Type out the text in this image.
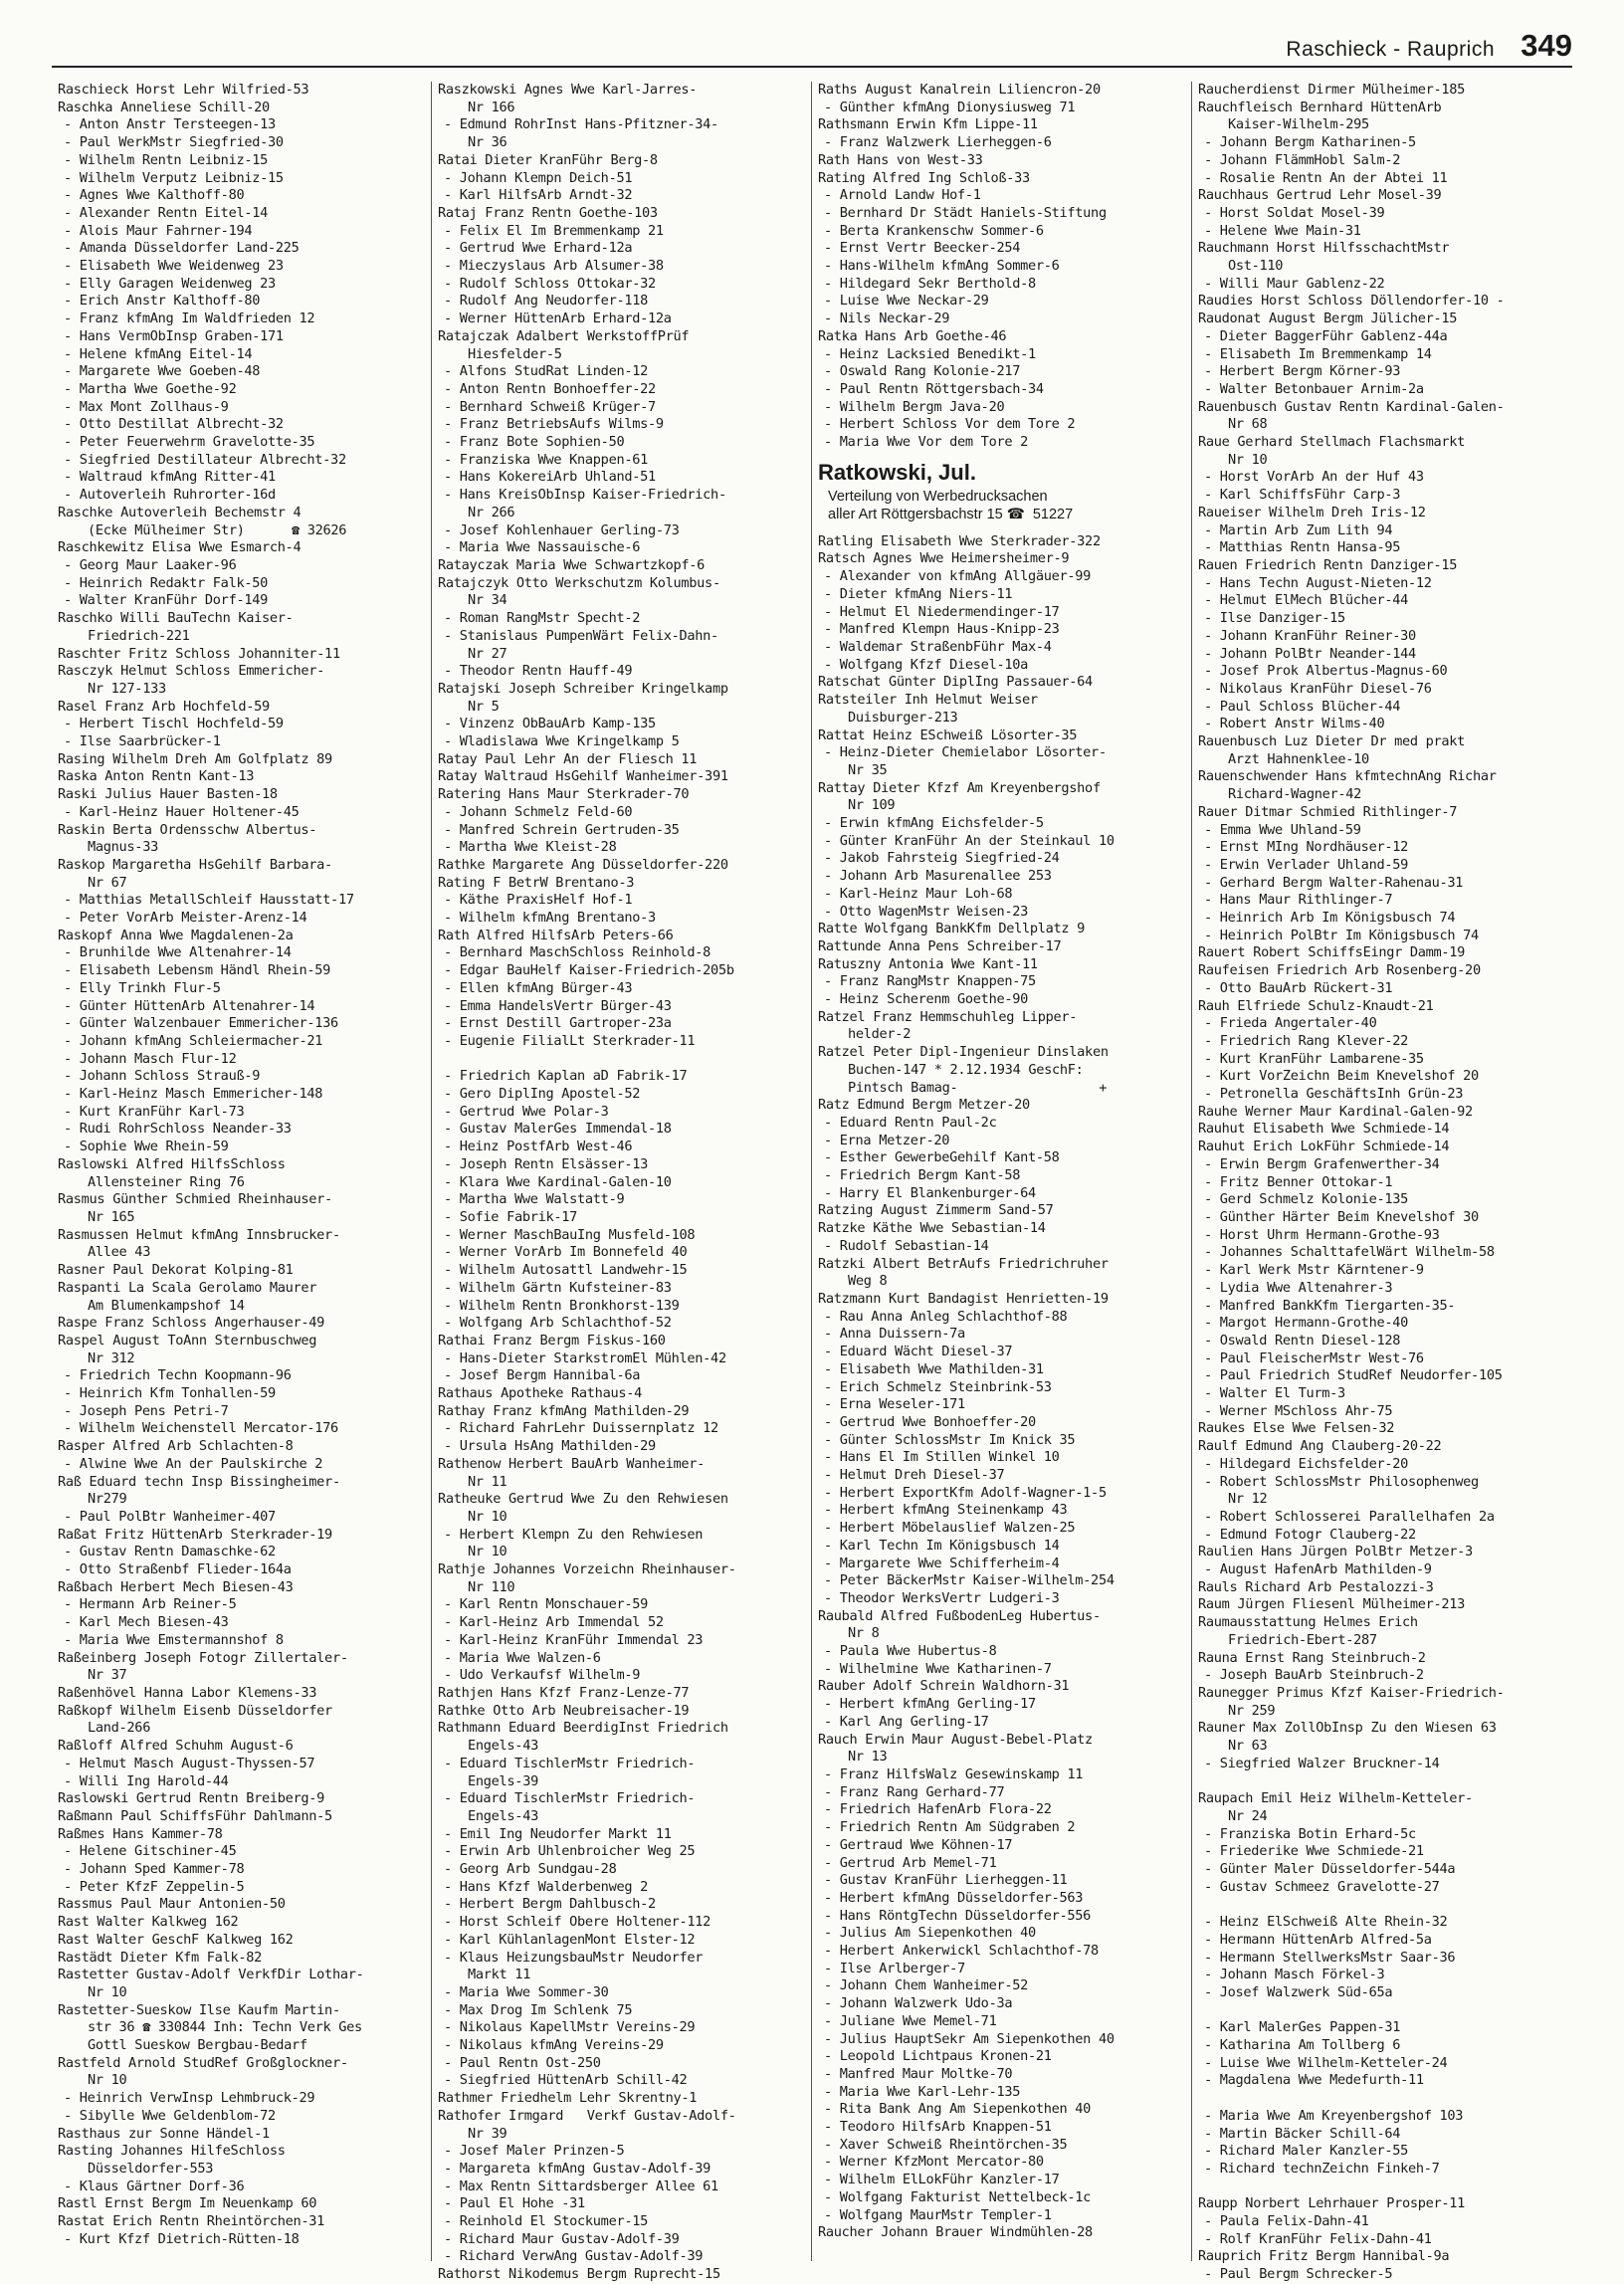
Raschieck - Rauprich 349
Raschieck Horst Lehr Wilfried-53
Raschka Anneliese Schill-20
- Anton Anstr Tersteegen-13
- Paul WerkMstr Siegfried-30
- Wilhelm Rentn Leibniz-15
- Wilhelm Verputz Leibniz-15
- Agnes Wwe Kalthoff-80
- Alexander Rentn Eitel-14
- Alois Maur Fahrner-194
- Amanda Düsseldorfer Land-225
- Elisabeth Wwe Weidenweg 23
- Elly Garagen Weidenweg 23
- Erich Anstr Kalthoff-80
- Franz kfmAng Im Waldfrieden 12
- Hans VermObInsp Graben-171
- Helene kfmAng Eitel-14
- Margarete Wwe Goeben-48
- Martha Wwe Goethe-92
- Max Mont Zollhaus-9
- Otto Destillat Albrecht-32
- Peter Feuerwehrm Gravelotte-35
- Siegfried Destillateur Albrecht-32
- Waltraud kfmAng Ritter-41
- Autoverleih Ruhrorter-16d
Raschke Autoverleih Bechemstr 4
(Ecke Mülheimer Str)      ☎ 32626
Raschkewitz Elisa Wwe Esmarch-4
- Georg Maur Laaker-96
- Heinrich Redaktr Falk-50
- Walter KranFühr Dorf-149
Raschko Willi BauTechn Kaiser-
Friedrich-221
Raschter Fritz Schloss Johanniter-11
Rasczyk Helmut Schloss Emmericher-
Nr 127-133
Rasel Franz Arb Hochfeld-59
- Herbert Tischl Hochfeld-59
- Ilse Saarbrücker-1
Rasing Wilhelm Dreh Am Golfplatz 89
Raska Anton Rentn Kant-13
Raski Julius Hauer Basten-18
- Karl-Heinz Hauer Holtener-45
Raskin Berta Ordensschw Albertus-
Magnus-33
Raskop Margaretha HsGehilf Barbara-
Nr 67
- Matthias MetallSchleif Hausstatt-17
- Peter VorArb Meister-Arenz-14
Raskopf Anna Wwe Magdalenen-2a
- Brunhilde Wwe Altenahrer-14
- Elisabeth Lebensm Händl Rhein-59
- Elly Trinkh Flur-5
- Günter HüttenArb Altenahrer-14
- Günter Walzenbauer Emmericher-136
- Johann kfmAng Schleiermacher-21
- Johann Masch Flur-12
- Johann Schloss Strauß-9
- Karl-Heinz Masch Emmericher-148
- Kurt KranFühr Karl-73
- Rudi RohrSchloss Neander-33
- Sophie Wwe Rhein-59
Raslowski Alfred HilfsSchloss
Allensteiner Ring 76
Rasmus Günther Schmied Rheinhauser-
Nr 165
Rasmussen Helmut kfmAng Innsbrucker-
Allee 43
Rasner Paul Dekorat Kolping-81
Raspanti La Scala Gerolamo Maurer
Am Blumenkampshof 14
Raspe Franz Schloss Angerhauser-49
Raspel August ToAnn Sternbuschweg
Nr 312
- Friedrich Techn Koopmann-96
- Heinrich Kfm Tonhallen-59
- Joseph Pens Petri-7
- Wilhelm Weichenstell Mercator-176
Rasper Alfred Arb Schlachten-8
- Alwine Wwe An der Paulskirche 2
Raß Eduard techn Insp Bissingheimer-
Nr279
- Paul PolBtr Wanheimer-407
Raßat Fritz HüttenArb Sterkrader-19
- Gustav Rentn Damaschke-62
- Otto Straßenbf Flieder-164a
Raßbach Herbert Mech Biesen-43
- Hermann Arb Reiner-5
- Karl Mech Biesen-43
- Maria Wwe Emstermannshof 8
Raßeinberg Joseph Fotogr Zillertaler-
Nr 37
Raßenhövel Hanna Labor Klemens-33
Raßkopf Wilhelm Eisenb Düsseldorfer
Land-266
Raßloff Alfred Schuhm August-6
- Helmut Masch August-Thyssen-57
- Willi Ing Harold-44
Raslowski Gertrud Rentn Breiberg-9
Raßmann Paul SchiffsFühr Dahlmann-5
Raßmes Hans Kammer-78
- Helene Gitschiner-45
- Johann Sped Kammer-78
- Peter KfzF Zeppelin-5
Rassmus Paul Maur Antonien-50
Rast Walter Kalkweg 162
Rast Walter GeschF Kalkweg 162
Rastädt Dieter Kfm Falk-82
Rastetter Gustav-Adolf VerkfDir Lothar-
Nr 10
Rastetter-Sueskow Ilse Kaufm Martin-
str 36 ☎ 330844 Inh: Techn Verk Ges
Gottl Sueskow Bergbau-Bedarf
Rastfeld Arnold StudRef Großglockner-
Nr 10
- Heinrich VerwInsp Lehmbruck-29
- Sibylle Wwe Geldenblom-72
Rasthaus zur Sonne Händel-1
Rasting Johannes HilfeSchloss
Düsseldorfer-553
- Klaus Gärtner Dorf-36
Rastl Ernst Bergm Im Neuenkamp 60
Rastat Erich Rentn Rheintörchen-31
- Kurt Kfzf Dietrich-Rütten-18
Raszkowski Agnes Wwe Karl-Jarres-
Nr 166
- Edmund RohrInst Hans-Pfitzner-34-
Nr 36
Ratai Dieter KranFühr Berg-8
- Johann Klempn Deich-51
- Karl HilfsArb Arndt-32
Rataj Franz Rentn Goethe-103
- Felix El Im Bremmenkamp 21
- Gertrud Wwe Erhard-12a
- Mieczyslaus Arb Alsumer-38
- Rudolf Schloss Ottokar-32
- Rudolf Ang Neudorfer-118
- Werner HüttenArb Erhard-12a
Ratajczak Adalbert WerkstoffPrüf
Hiesfelder-5
- Alfons StudRat Linden-12
- Anton Rentn Bonhoeffer-22
- Bernhard Schweiß Krüger-7
- Franz BetriebsAufs Wilms-9
- Franz Bote Sophien-50
- Franziska Wwe Knappen-61
- Hans KokereiArb Uhland-51
- Hans KreisObInsp Kaiser-Friedrich-
Nr 266
- Josef Kohlenhauer Gerling-73
- Maria Wwe Nassauische-6
Ratayczak Maria Wwe Schwartzkopf-6
Ratajczyk Otto Werkschutzm Kolumbus-
Nr 34
- Roman RangMstr Specht-2
- Stanislaus PumpenWärt Felix-Dahn-
Nr 27
- Theodor Rentn Hauff-49
Ratajski Joseph Schreiber Kringelkamp
Nr 5
- Vinzenz ObBauArb Kamp-135
- Wladislawa Wwe Kringelkamp 5
Ratay Paul Lehr An der Fliesch 11
Ratay Waltraud HsGehilf Wanheimer-391
Ratering Hans Maur Sterkrader-70
- Johann Schmelz Feld-60
- Manfred Schrein Gertruden-35
- Martha Wwe Kleist-28
Rathke Margarete Ang Düsseldorfer-220
Rating F BetrW Brentano-3
- Käthe PraxisHelf Hof-1
- Wilhelm kfmAng Brentano-3
Rath Alfred HilfsArb Peters-66
- Bernhard MaschSchloss Reinhold-8
- Edgar BauHelf Kaiser-Friedrich-205b
- Ellen kfmAng Bürger-43
- Emma HandelsVertr Bürger-43
- Ernst Destill Gartroper-23a
- Eugenie FilialLt Sterkrader-11

- Friedrich Kaplan aD Fabrik-17
- Gero DiplIng Apostel-52
- Gertrud Wwe Polar-3
- Gustav MalerGes Immendal-18
- Heinz PostfArb West-46
- Joseph Rentn Elsässer-13
- Klara Wwe Kardinal-Galen-10
- Martha Wwe Walstatt-9
- Sofie Fabrik-17
- Werner MaschBauIng Musfeld-108
- Werner VorArb Im Bonnefeld 40
- Wilhelm Autosattl Landwehr-15
- Wilhelm Gärtn Kufsteiner-83
- Wilhelm Rentn Bronkhorst-139
- Wolfgang Arb Schlachthof-52
Rathai Franz Bergm Fiskus-160
- Hans-Dieter StarkstromEl Mühlen-42
- Josef Bergm Hannibal-6a
Rathaus Apotheke Rathaus-4
Rathay Franz kfmAng Mathilden-29
- Richard FahrLehr Duissernplatz 12
- Ursula HsAng Mathilden-29
Rathenow Herbert BauArb Wanheimer-
Nr 11
Ratheuke Gertrud Wwe Zu den Rehwiesen
Nr 10
- Herbert Klempn Zu den Rehwiesen
Nr 10
Rathje Johannes Vorzeichn Rheinhauser-
Nr 110
- Karl Rentn Monschauer-59
- Karl-Heinz Arb Immendal 52
- Karl-Heinz KranFühr Immendal 23
- Maria Wwe Walzen-6
- Udo Verkaufsf Wilhelm-9
Rathjen Hans Kfzf Franz-Lenze-77
Rathke Otto Arb Neubreisacher-19
Rathmann Eduard BeerdigInst Friedrich
Engels-43
- Eduard TischlerMstr Friedrich-
Engels-39
- Eduard TischlerMstr Friedrich-
Engels-43
- Emil Ing Neudorfer Markt 11
- Erwin Arb Uhlenbroicher Weg 25
- Georg Arb Sundgau-28
- Hans Kfzf Walderbenweg 2
- Herbert Bergm Dahlbusch-2
- Horst Schleif Obere Holtener-112
- Karl KühlanlagenMont Elster-12
- Klaus HeizungsbauMstr Neudorfer
Markt 11
- Maria Wwe Sommer-30
- Max Drog Im Schlenk 75
- Nikolaus KapellMstr Vereins-29
- Nikolaus kfmAng Vereins-29
- Paul Rentn Ost-250
- Siegfried HüttenArb Schill-42
Rathmer Friedhelm Lehr Skrentny-1
Rathofer Irmgard   Verkf Gustav-Adolf-
Nr 39
- Josef Maler Prinzen-5
- Margareta kfmAng Gustav-Adolf-39
- Max Rentn Sittardsberger Allee 61
- Paul El Hohe -31
- Reinhold El Stockumer-15
- Richard Maur Gustav-Adolf-39
- Richard VerwAng Gustav-Adolf-39
Rathorst Nikodemus Bergm Ruprecht-15
Raths August Kanalrein Liliencron-20
- Günther kfmAng Dionysiusweg 71
Rathsmann Erwin Kfm Lippe-11
- Franz Walzwerk Lierheggen-6
Rath Hans von West-33
Rating Alfred Ing Schloß-33
- Arnold Landw Hof-1
- Bernhard Dr Städt Haniels-Stiftung
- Berta Krankenschw Sommer-6
- Ernst Vertr Beecker-254
- Hans-Wilhelm kfmAng Sommer-6
- Hildegard Sekr Berthold-8
- Luise Wwe Neckar-29
- Nils Neckar-29
Ratka Hans Arb Goethe-46
- Heinz Lacksied Benedikt-1
- Oswald Rang Kolonie-217
- Paul Rentn Röttgersbach-34
- Wilhelm Bergm Java-20
- Herbert Schloss Vor dem Tore 2
- Maria Wwe Vor dem Tore 2
Ratkowski, Jul.
Verteilung von Werbedrucksachen
aller Art Röttgersbachstr 15 ☎  51227
Ratling Elisabeth Wwe Sterkrader-322
Ratsch Agnes Wwe Heimersheimer-9
- Alexander von kfmAng Allgäuer-99
- Dieter kfmAng Niers-11
- Helmut El Niedermendinger-17
- Manfred Klempn Haus-Knipp-23
- Waldemar StraßenbFühr Max-4
- Wolfgang Kfzf Diesel-10a
Ratschat Günter DiplIng Passauer-64
Ratsteiler Inh Helmut Weiser
Duisburger-213
Rattat Heinz ESchweiß Lösorter-35
- Heinz-Dieter Chemielabor Lösorter-
Nr 35
Rattay Dieter Kfzf Am Kreyenbergshof
Nr 109
- Erwin kfmAng Eichsfelder-5
- Günter KranFühr An der Steinkaul 10
- Jakob Fahrsteig Siegfried-24
- Johann Arb Masurenallee 253
- Karl-Heinz Maur Loh-68
- Otto WagenMstr Weisen-23
Ratte Wolfgang BankKfm Dellplatz 9
Rattunde Anna Pens Schreiber-17
Ratuszny Antonia Wwe Kant-11
- Franz RangMstr Knappen-75
- Heinz Scherenm Goethe-90
Ratzel Franz Hemmschuhleg Lipper-
helder-2
Ratzel Peter Dipl-Ingenieur Dinslaken
Buchen-147 * 2.12.1934 GeschF:
Pintsch Bamag-                  +
Ratz Edmund Bergm Metzer-20
- Eduard Rentn Paul-2c
- Erna Metzer-20
- Esther GewerbeGehilf Kant-58
- Friedrich Bergm Kant-58
- Harry El Blankenburger-64
Ratzing August Zimmerm Sand-57
Ratzke Käthe Wwe Sebastian-14
- Rudolf Sebastian-14
Ratzki Albert BetrAufs Friedrichruher
Weg 8
Ratzmann Kurt Bandagist Henrietten-19
- Rau Anna Anleg Schlachthof-88
- Anna Duissern-7a
- Eduard Wächt Diesel-37
- Elisabeth Wwe Mathilden-31
- Erich Schmelz Steinbrink-53
- Erna Weseler-171
- Gertrud Wwe Bonhoeffer-20
- Günter SchlossMstr Im Knick 35
- Hans El Im Stillen Winkel 10
- Helmut Dreh Diesel-37
- Herbert ExportKfm Adolf-Wagner-1-5
- Herbert kfmAng Steinenkamp 43
- Herbert Möbelauslief Walzen-25
- Karl Techn Im Königsbusch 14
- Margarete Wwe Schifferheim-4
- Peter BäckerMstr Kaiser-Wilhelm-254
- Theodor WerksVertr Ludgeri-3
Raubald Alfred FußbodenLeg Hubertus-
Nr 8
- Paula Wwe Hubertus-8
- Wilhelmine Wwe Katharinen-7
Rauber Adolf Schrein Waldhorn-31
- Herbert kfmAng Gerling-17
- Karl Ang Gerling-17
Rauch Erwin Maur August-Bebel-Platz
Nr 13
- Franz HilfsWalz Gesewinskamp 11
- Franz Rang Gerhard-77
- Friedrich HafenArb Flora-22
- Friedrich Rentn Am Südgraben 2
- Gertraud Wwe Köhnen-17
- Gertrud Arb Memel-71
- Gustav KranFühr Lierheggen-11
- Herbert kfmAng Düsseldorfer-563
- Hans RöntgTechn Düsseldorfer-556
- Julius Am Siepenkothen 40
- Herbert Ankerwickl Schlachthof-78
- Ilse Arlberger-7
- Johann Chem Wanheimer-52
- Johann Walzwerk Udo-3a
- Juliane Wwe Memel-71
- Julius HauptSekr Am Siepenkothen 40
- Leopold Lichtpaus Kronen-21
- Manfred Maur Moltke-70
- Maria Wwe Karl-Lehr-135
- Rita Bank Ang Am Siepenkothen 40
- Teodoro HilfsArb Knappen-51
- Xaver Schweiß Rheintörchen-35
- Werner KfzMont Mercator-80
- Wilhelm ElLokFühr Kanzler-17
- Wolfgang Fakturist Nettelbeck-1c
- Wolfgang MaurMstr Templer-1
Raucher Johann Brauer Windmühlen-28
Raucherdienst Dirmer Mülheimer-185
Rauchfleisch Bernhard HüttenArb
Kaiser-Wilhelm-295
- Johann Bergm Katharinen-5
- Johann FlämmHobl Salm-2
- Rosalie Rentn An der Abtei 11
Rauchhaus Gertrud Lehr Mosel-39
- Horst Soldat Mosel-39
- Helene Wwe Main-31
Rauchmann Horst HilfsschachtMstr
Ost-110
- Willi Maur Gablenz-22
Raudies Horst Schloss Döllendorfer-10 -
Raudonat August Bergm Jülicher-15
- Dieter BaggerFühr Gablenz-44a
- Elisabeth Im Bremmenkamp 14
- Herbert Bergm Körner-93
- Walter Betonbauer Arnim-2a
Rauenbusch Gustav Rentn Kardinal-Galen-
Nr 68
Raue Gerhard Stellmach Flachsmarkt
Nr 10
- Horst VorArb An der Huf 43
- Karl SchiffsFühr Carp-3
Raueiser Wilhelm Dreh Iris-12
- Martin Arb Zum Lith 94
- Matthias Rentn Hansa-95
Rauen Friedrich Rentn Danziger-15
- Hans Techn August-Nieten-12
- Helmut ElMech Blücher-44
- Ilse Danziger-15
- Johann KranFühr Reiner-30
- Johann PolBtr Neander-144
- Josef Prok Albertus-Magnus-60
- Nikolaus KranFühr Diesel-76
- Paul Schloss Blücher-44
- Robert Anstr Wilms-40
Rauenbusch Luz Dieter Dr med prakt
Arzt Hahnenklee-10
Rauenschwender Hans kfmtechnAng Richar
Richard-Wagner-42
Rauer Ditmar Schmied Rithlinger-7
- Emma Wwe Uhland-59
- Ernst MIng Nordhäuser-12
- Erwin Verlader Uhland-59
- Gerhard Bergm Walter-Rahenau-31
- Hans Maur Rithlinger-7
- Heinrich Arb Im Königsbusch 74
- Heinrich PolBtr Im Königsbusch 74
Rauert Robert SchiffsEingr Damm-19
Raufeisen Friedrich Arb Rosenberg-20
- Otto BauArb Rückert-31
Rauh Elfriede Schulz-Knaudt-21
- Frieda Angertaler-40
- Friedrich Rang Klever-22
- Kurt KranFühr Lambarene-35
- Kurt VorZeichn Beim Knevelshof 20
- Petronella GeschäftsInh Grün-23
Rauhe Werner Maur Kardinal-Galen-92
Rauhut Elisabeth Wwe Schmiede-14
Rauhut Erich LokFühr Schmiede-14
- Erwin Bergm Grafenwerther-34
- Fritz Benner Ottokar-1
- Gerd Schmelz Kolonie-135
- Günther Härter Beim Knevelshof 30
- Horst Uhrm Hermann-Grothe-93
- Johannes SchalttafelWärt Wilhelm-58
- Karl Werk Mstr Kärntener-9
- Lydia Wwe Altenahrer-3
- Manfred BankKfm Tiergarten-35-
- Margot Hermann-Grothe-40
- Oswald Rentn Diesel-128
- Paul FleischerMstr West-76
- Paul Friedrich StudRef Neudorfer-105
- Walter El Turm-3
- Werner MSchloss Ahr-75
Raukes Else Wwe Felsen-32
Raulf Edmund Ang Clauberg-20-22
- Hildegard Eichsfelder-20
- Robert SchlossMstr Philosophenweg
Nr 12
- Robert Schlosserei Parallelhafen 2a
- Edmund Fotogr Clauberg-22
Raulien Hans Jürgen PolBtr Metzer-3
- August HafenArb Mathilden-9
Rauls Richard Arb Pestalozzi-3
Raum Jürgen Fliesenl Mülheimer-213
Raumausstattung Helmes Erich
Friedrich-Ebert-287
Rauna Ernst Rang Steinbruch-2
- Joseph BauArb Steinbruch-2
Raunegger Primus Kfzf Kaiser-Friedrich-
Nr 259
Rauner Max ZollObInsp Zu den Wiesen 63
Nr 63
- Siegfried Walzer Bruckner-14

Raupach Emil Heiz Wilhelm-Ketteler-
Nr 24
- Franziska Botin Erhard-5c
- Friederike Wwe Schmiede-21
- Günter Maler Düsseldorfer-544a
- Gustav Schmeez Gravelotte-27

- Heinz ElSchweiß Alte Rhein-32
- Hermann HüttenArb Alfred-5a
- Hermann StellwerksMstr Saar-36
- Johann Masch Förkel-3
- Josef Walzwerk Süd-65a

- Karl MalerGes Pappen-31
- Katharina Am Tollberg 6
- Luise Wwe Wilhelm-Ketteler-24
- Magdalena Wwe Medefurth-11

- Maria Wwe Am Kreyenbergshof 103
- Martin Bäcker Schill-64
- Richard Maler Kanzler-55
- Richard technZeichn Finkeh-7

Raupp Norbert Lehrhauer Prosper-11
- Paula Felix-Dahn-41
- Rolf KranFühr Felix-Dahn-41
Rauprich Fritz Bergm Hannibal-9a
- Paul Bergm Schrecker-5
